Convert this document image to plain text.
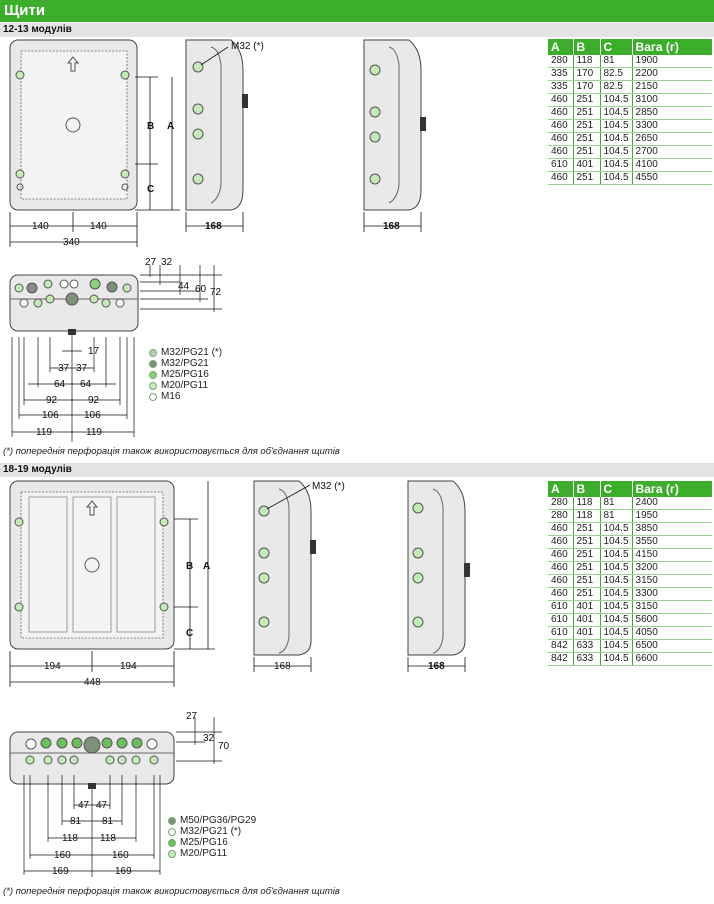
Щити
12-13 модулів
B A
C
140	140
340
M32 (*)
168	168
27 32
44 60 72
17
37 37
64 64
92	92
106	106
119	119
A	B	C	Вага (г)
280	118	81	1900
335	170	82.5	2200
335	170	82.5	2150
460	251	104.5	3100
460	251	104.5	2850
460	251	104.5	3300
460	251	104.5	2650
460	251	104.5	2700
610	401	104.5	4100
460	251	104.5	4550
M32/PG21 (*)
M32/PG21
M25/PG16
M20/PG11
M16
(*) попереднія перфорація також використовується для об'єднання щитів
18-19 модулів
B A
C
194	194
448
M32 (*)
168	168
27
32
70
47 47
81 81
118 118
160	160
169	169
A	B	C	Вага (г)
280	118	81	2400
280	118	81	1950
460	251	104.5	3850
460	251	104.5	3550
460	251	104.5	4150
460	251	104.5	3200
460	251	104.5	3150
460	251	104.5	3300
610	401	104.5	3150
610	401	104.5	5600
610	401	104.5	4050
842	633	104.5	6500
842	633	104.5	6600
M50/PG36/PG29
M32/PG21 (*)
M25/PG16
M20/PG11
(*) попереднія перфорація також використовується для об'єднання щитів
